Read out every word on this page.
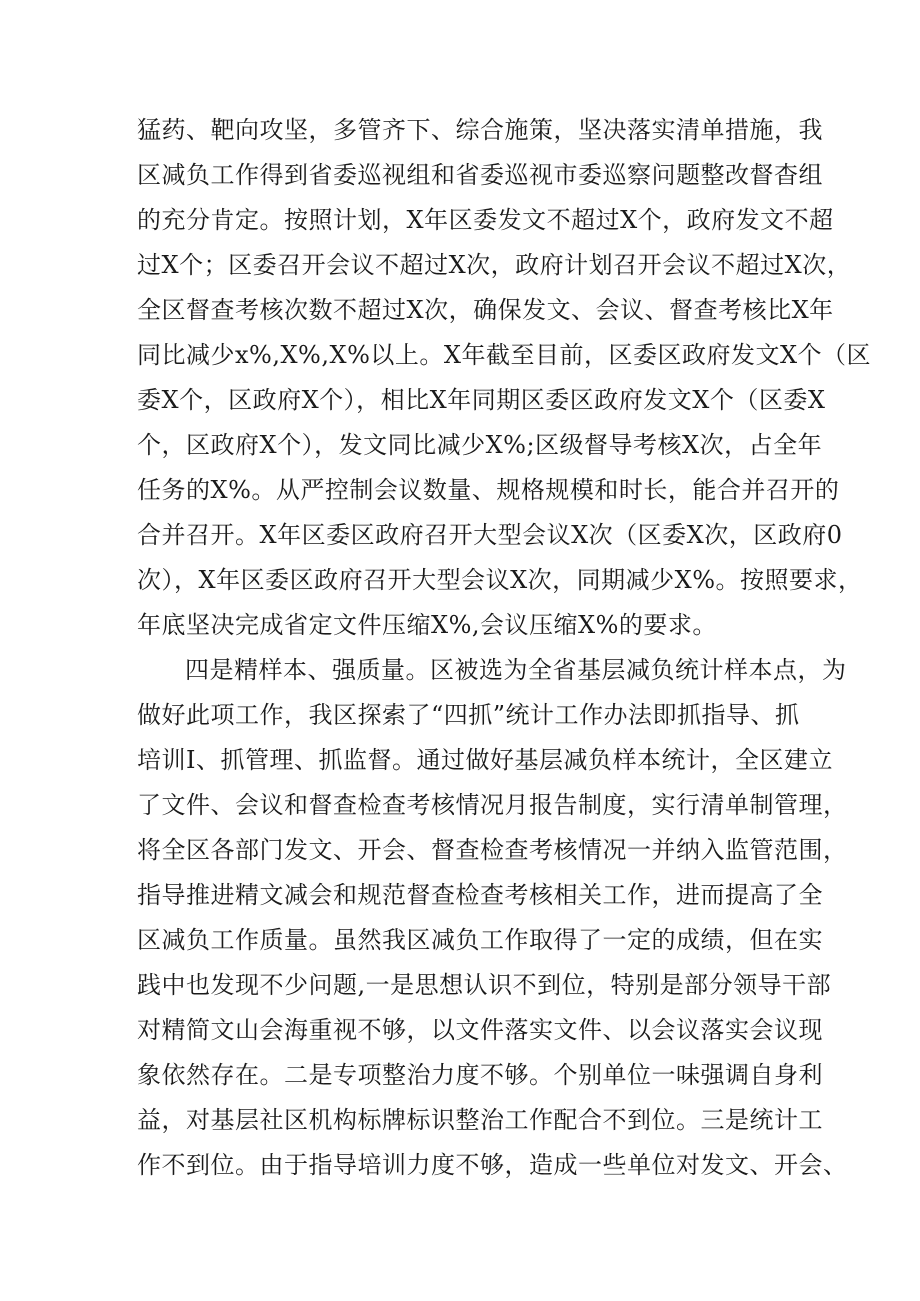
猛药、靶向攻坚，多管齐下、综合施策，坚决落实清单措施，我
区减负工作得到省委巡视组和省委巡视市委巡察问题整改督杳组
的充分肯定。按照计划，X年区委发文不超过X个，政府发文不超
过X个；区委召开会议不超过X次，政府计划召开会议不超过X次，
全区督查考核次数不超过X次，确保发文、会议、督查考核比X年
同比减少x%,X%,X%以上。X年截至目前，区委区政府发文X个（区
委X个，区政府X个），相比X年同期区委区政府发文X个（区委X
个，区政府X个），发文同比减少X%;区级督导考核X次，占全年
任务的X%。从严控制会议数量、规格规模和时长，能合并召开的
合并召开。X年区委区政府召开大型会议X次（区委X次，区政府0
次），X年区委区政府召开大型会议X次，同期减少X%。按照要求，
年底坚决完成省定文件压缩X%,会议压缩X%的要求。
四是精样本、强质量。区被选为全省基层减负统计样本点，为
做好此项工作，我区探索了“四抓”统计工作办法即抓指导、抓
培训I、抓管理、抓监督。通过做好基层减负样本统计，全区建立
了文件、会议和督查检查考核情况月报告制度，实行清单制管理，
将全区各部门发文、开会、督查检查考核情况一并纳入监管范围，
指导推进精文减会和规范督查检查考核相关工作，进而提高了全
区减负工作质量。虽然我区减负工作取得了一定的成绩，但在实
践中也发现不少问题,一是思想认识不到位，特别是部分领导干部
对精简文山会海重视不够，以文件落实文件、以会议落实会议现
象依然存在。二是专项整治力度不够。个别单位一味强调自身利
益，对基层社区机构标牌标识整治工作配合不到位。三是统计工
作不到位。由于指导培训力度不够，造成一些单位对发文、开会、
